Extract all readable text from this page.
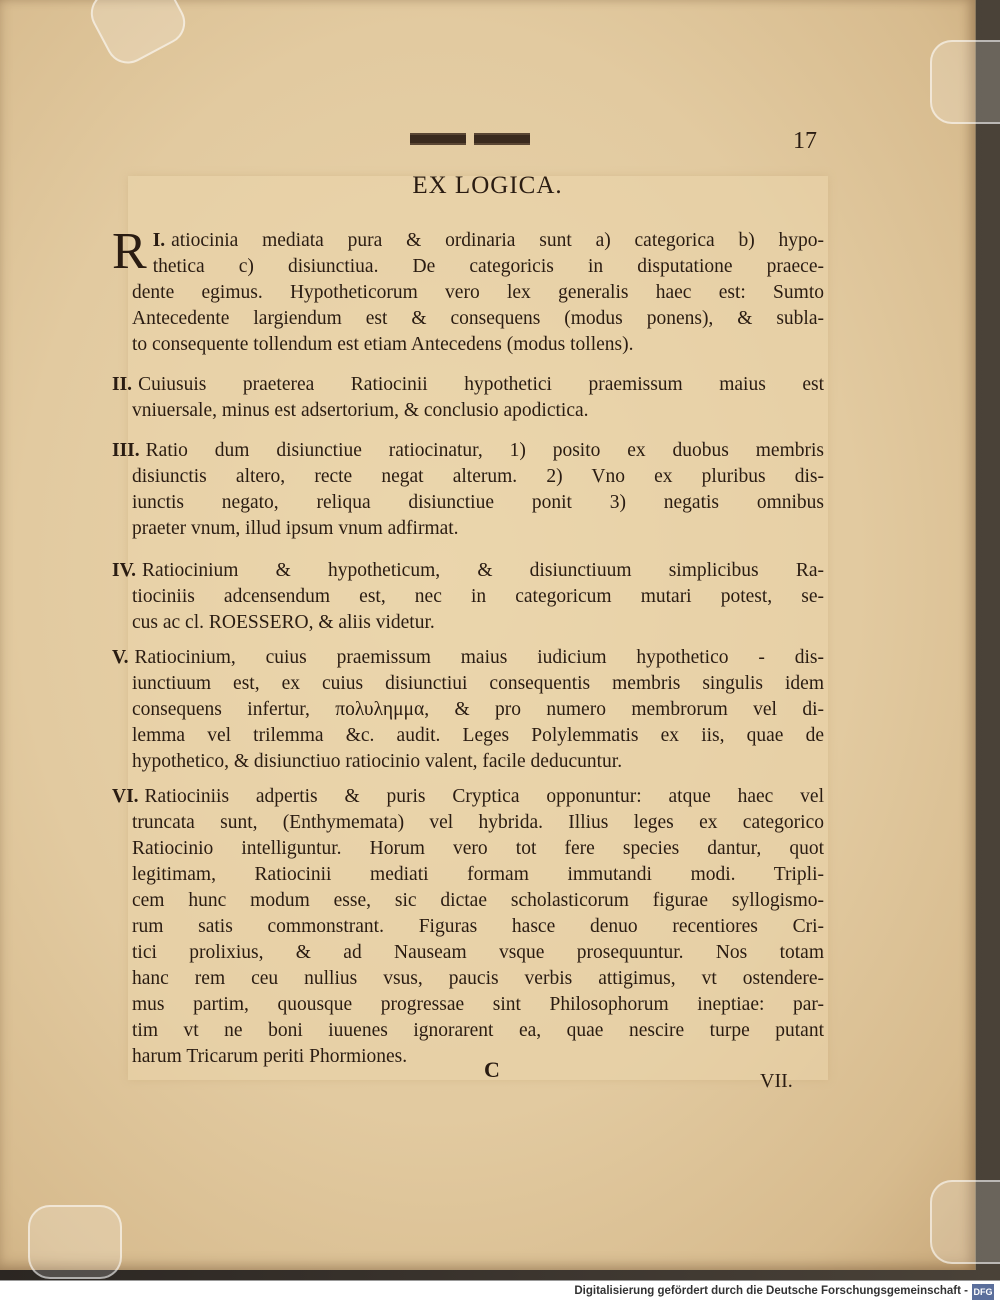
17
EX LOGICA.
I.
R atiocinia mediata pura & ordinaria sunt a) categorica b) hypo-
thetica c) disiunctiua. De categoricis in disputatione praece-
dente egimus. Hypotheticorum vero lex generalis haec est: Sumto
Antecedente largiendum est & consequens (modus ponens), & subla-
to consequente tollendum est etiam Antecedens (modus tollens).
II. Cuiusuis praeterea Ratiocinii hypothetici praemissum maius est
vniuersale, minus est adsertorium, & conclusio apodictica.
III. Ratio dum disiunctiue ratiocinatur, 1) posito ex duobus membris
disiunctis altero, recte negat alterum. 2) Vno ex pluribus dis-
iunctis negato, reliqua disiunctiue ponit 3) negatis omnibus
praeter vnum, illud ipsum vnum adfirmat.
IV. Ratiocinium & hypotheticum, & disiunctiuum simplicibus Ra-
tiociniis adcensendum est, nec in categoricum mutari potest, se-
cus ac cl. ROESSERO, & aliis videtur.
V. Ratiocinium, cuius praemissum maius iudicium hypothetico - dis-
iunctiuum est, ex cuius disiunctiui consequentis membris singulis idem
consequens infertur, πολυλημμα, & pro numero membrorum vel di-
lemma vel trilemma &c. audit. Leges Polylemmatis ex iis, quae de
hypothetico, & disiunctiuo ratiocinio valent, facile deducuntur.
VI. Ratiociniis adpertis & puris Cryptica opponuntur: atque haec vel
truncata sunt, (Enthymemata) vel hybrida. Illius leges ex categorico
Ratiocinio intelliguntur. Horum vero tot fere species dantur, quot
legitimam, Ratiocinii mediati formam immutandi modi. Tripli-
cem hunc modum esse, sic dictae scholasticorum figurae syllogismo-
rum satis commonstrant. Figuras hasce denuo recentiores Cri-
tici prolixius, & ad Nauseam vsque prosequuntur. Nos totam
hanc rem ceu nullius vsus, paucis verbis attigimus, vt ostendere-
mus partim, quousque progressae sint Philosophorum ineptiae: par-
tim vt ne boni iuuenes ignorarent ea, quae nescire turpe putant
harum Tricarum periti Phormiones.
C	VII.
Digitalisierung gefördert durch die Deutsche Forschungsgemeinschaft - DFG
